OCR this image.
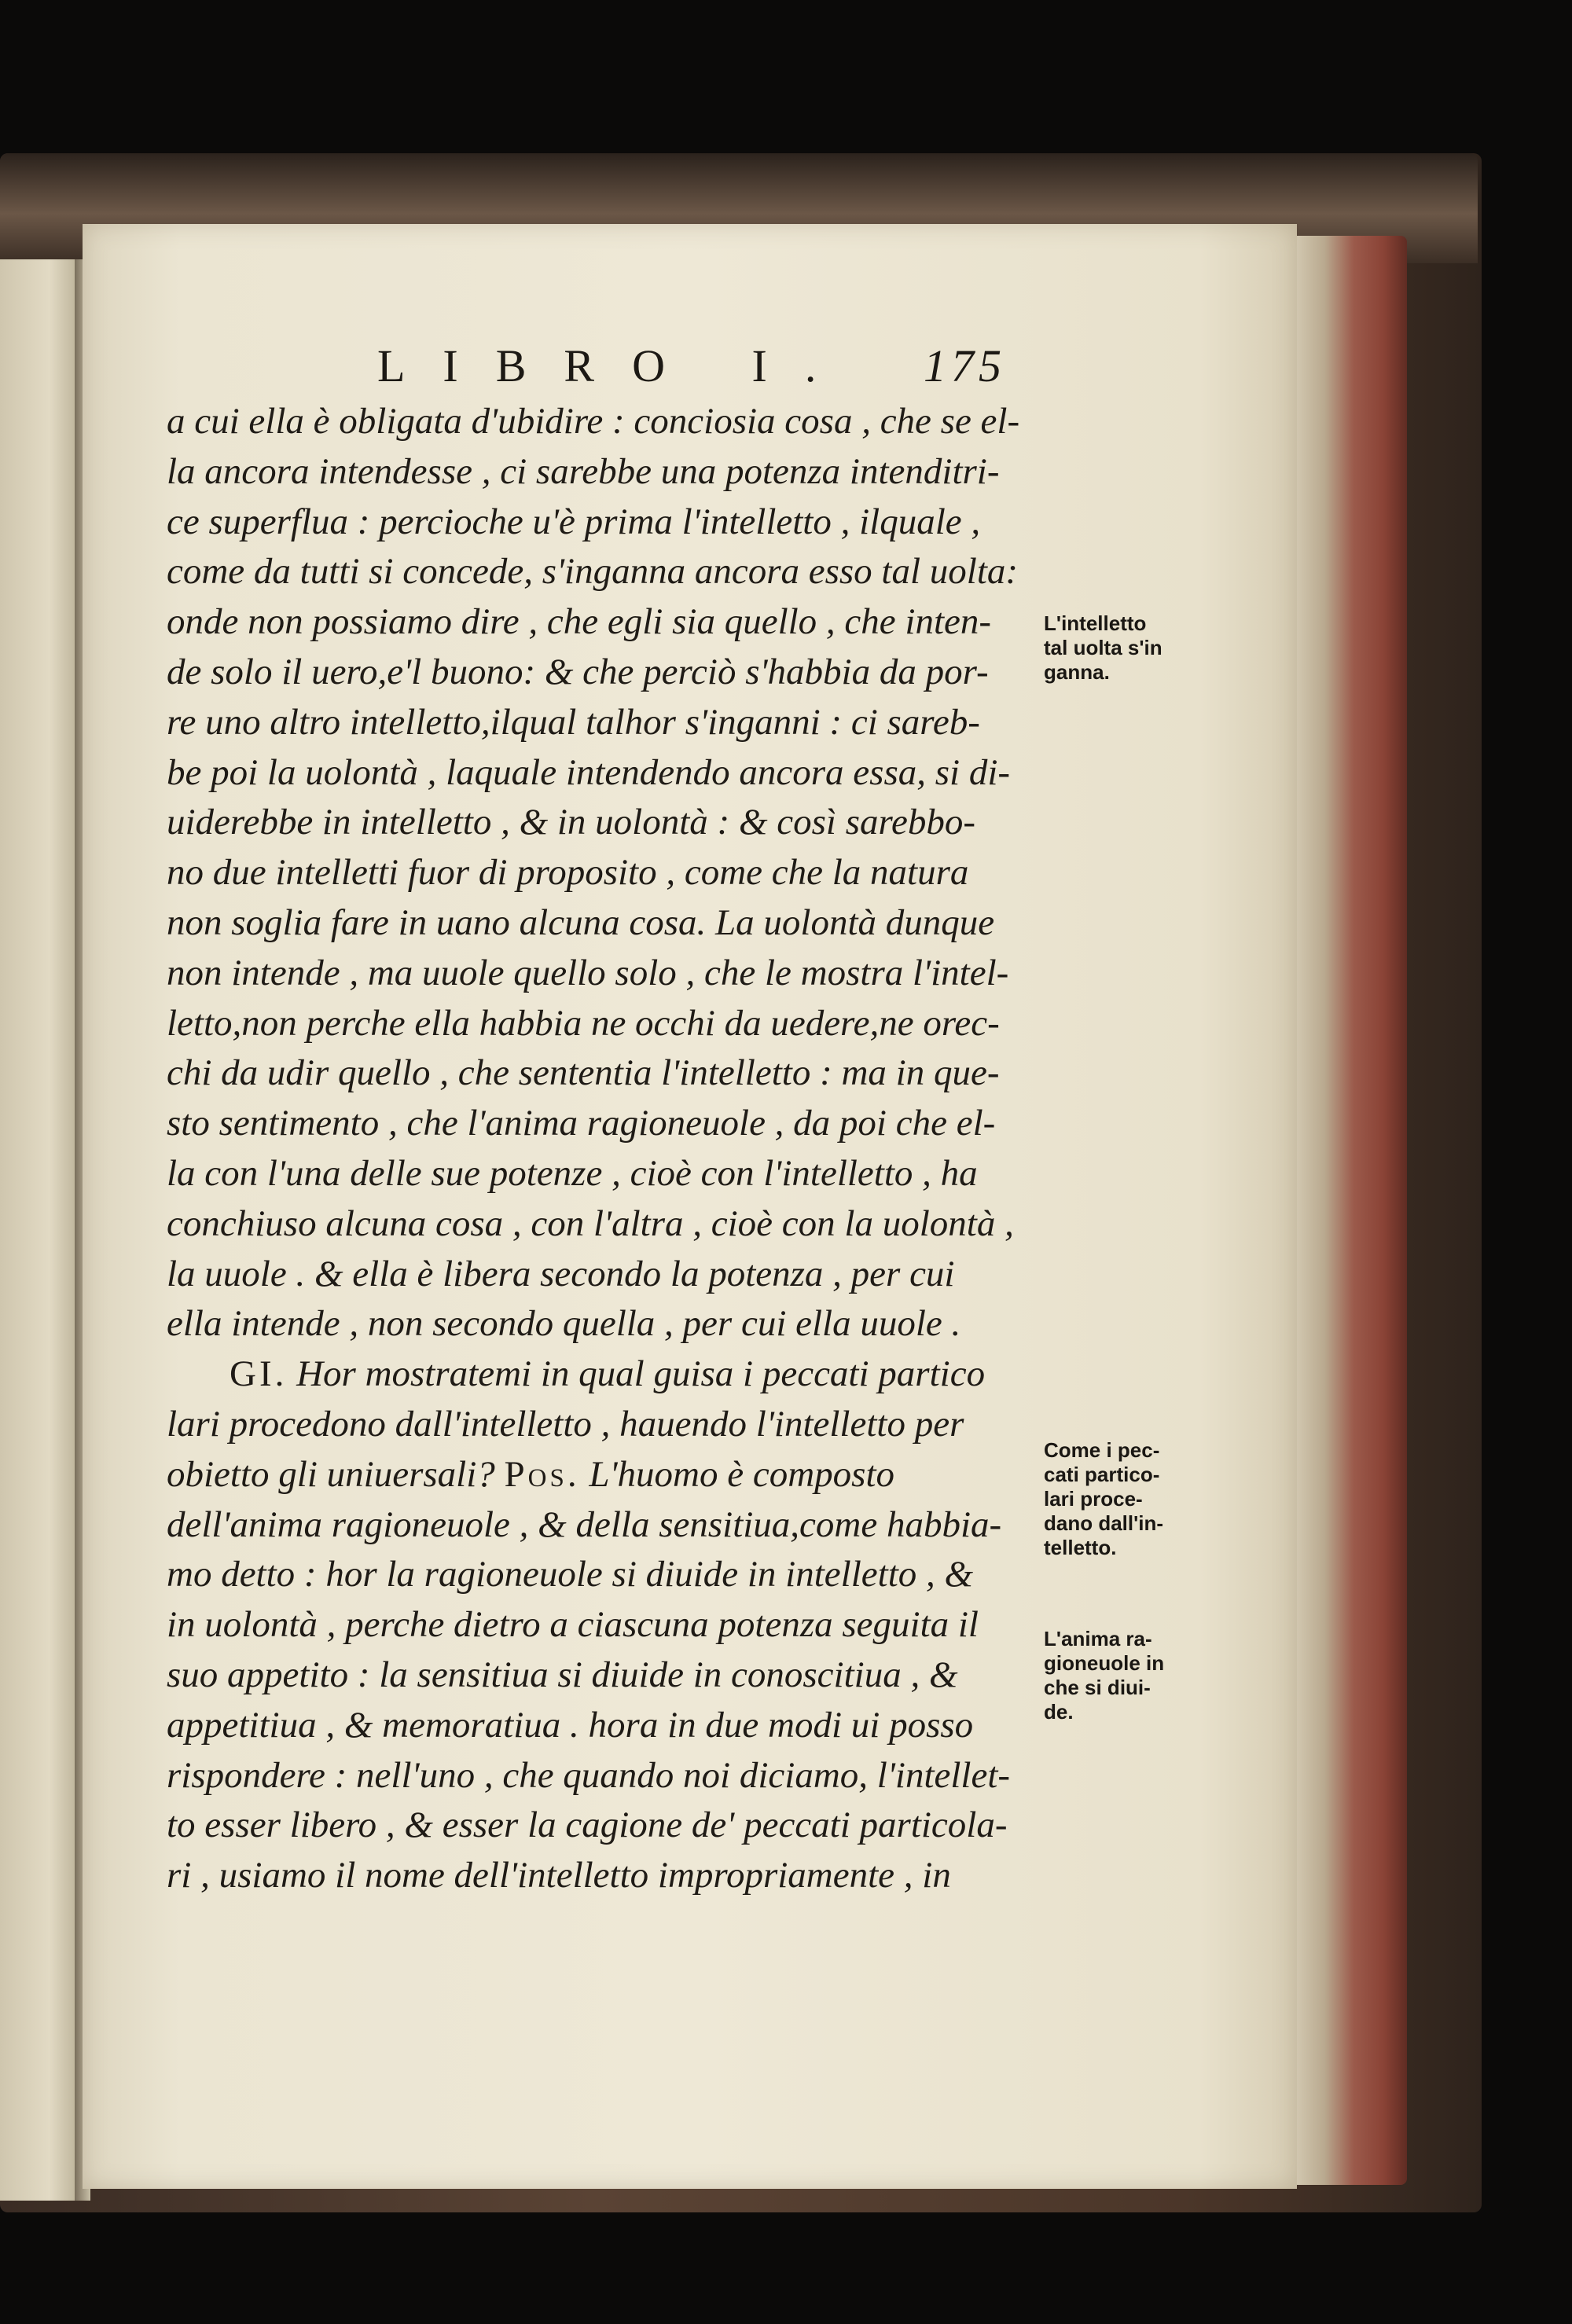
LIBRO I. 175
a cui ella è obligata d'ubidire : conciosia cosa , che se el-
la ancora intendesse , ci sarebbe una potenza intenditri-
ce superflua : percioche u'è prima l'intelletto , ilquale ,
come da tutti si concede, s'inganna ancora esso tal uolta:
onde non possiamo dire , che egli sia quello , che inten-
de solo il uero,e'l buono: & che perciò s'habbia da por-
re uno altro intelletto,ilqual talhor s'inganni : ci sareb-
be poi la uolontà , laquale intendendo ancora essa, si di-
uiderebbe in intelletto , & in uolontà : & così sarebbo-
no due intelletti fuor di proposito , come che la natura
non soglia fare in uano alcuna cosa. La uolontà dunque
non intende , ma uuole quello solo , che le mostra l'intel-
letto,non perche ella habbia ne occhi da uedere,ne orec-
chi da udir quello , che sententia l'intelletto : ma in que-
sto sentimento , che l'anima ragioneuole , da poi che el-
la con l'una delle sue potenze , cioè con l'intelletto , ha
conchiuso alcuna cosa , con l'altra , cioè con la uolontà ,
la uuole . & ella è libera secondo la potenza , per cui
ella intende , non secondo quella , per cui ella uuole .
GI. Hor mostratemi in qual guisa i peccati partico
lari procedono dall'intelletto , hauendo l'intelletto per
obietto gli uniuersali? Pos. L'huomo è composto
dell'anima ragioneuole , & della sensitiua,come habbia-
mo detto : hor la ragioneuole si diuide in intelletto , &
in uolontà , perche dietro a ciascuna potenza seguita il
suo appetito : la sensitiua si diuide in conoscitiua , &
appetitiua , & memoratiua . hora in due modi ui posso
rispondere : nell'uno , che quando noi diciamo, l'intellet-
to esser libero , & esser la cagione de' peccati particola-
ri , usiamo il nome dell'intelletto impropriamente , in
L'intelletto
tal uolta s'in
ganna.
Come i pec-
cati partico-
lari proce-
dano dall'in-
telletto.
L'anima ra-
gioneuole in
che si diui-
de.
